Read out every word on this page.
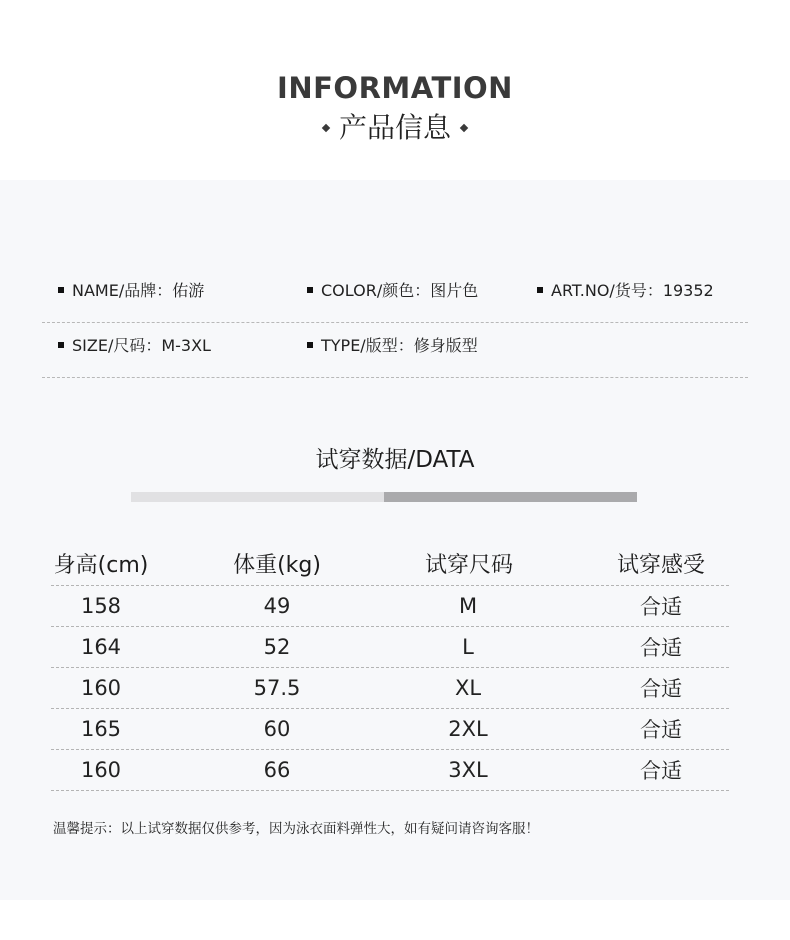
INFORMATION
产品信息
NAME/品牌：佑游	COLOR/颜色：图片色	ART.NO/货号：19352
SIZE/尺码：M-3XL	TYPE/版型：修身版型
试穿数据/DATA
身高(cm)	体重(kg)	试穿尺码	试穿感受
158	49	M	合适
164	52	L	合适
160	57.5	XL	合适
165	60	2XL	合适
160	66	3XL	合适
温馨提示：以上试穿数据仅供参考，因为泳衣面料弹性大，如有疑问请咨询客服！
